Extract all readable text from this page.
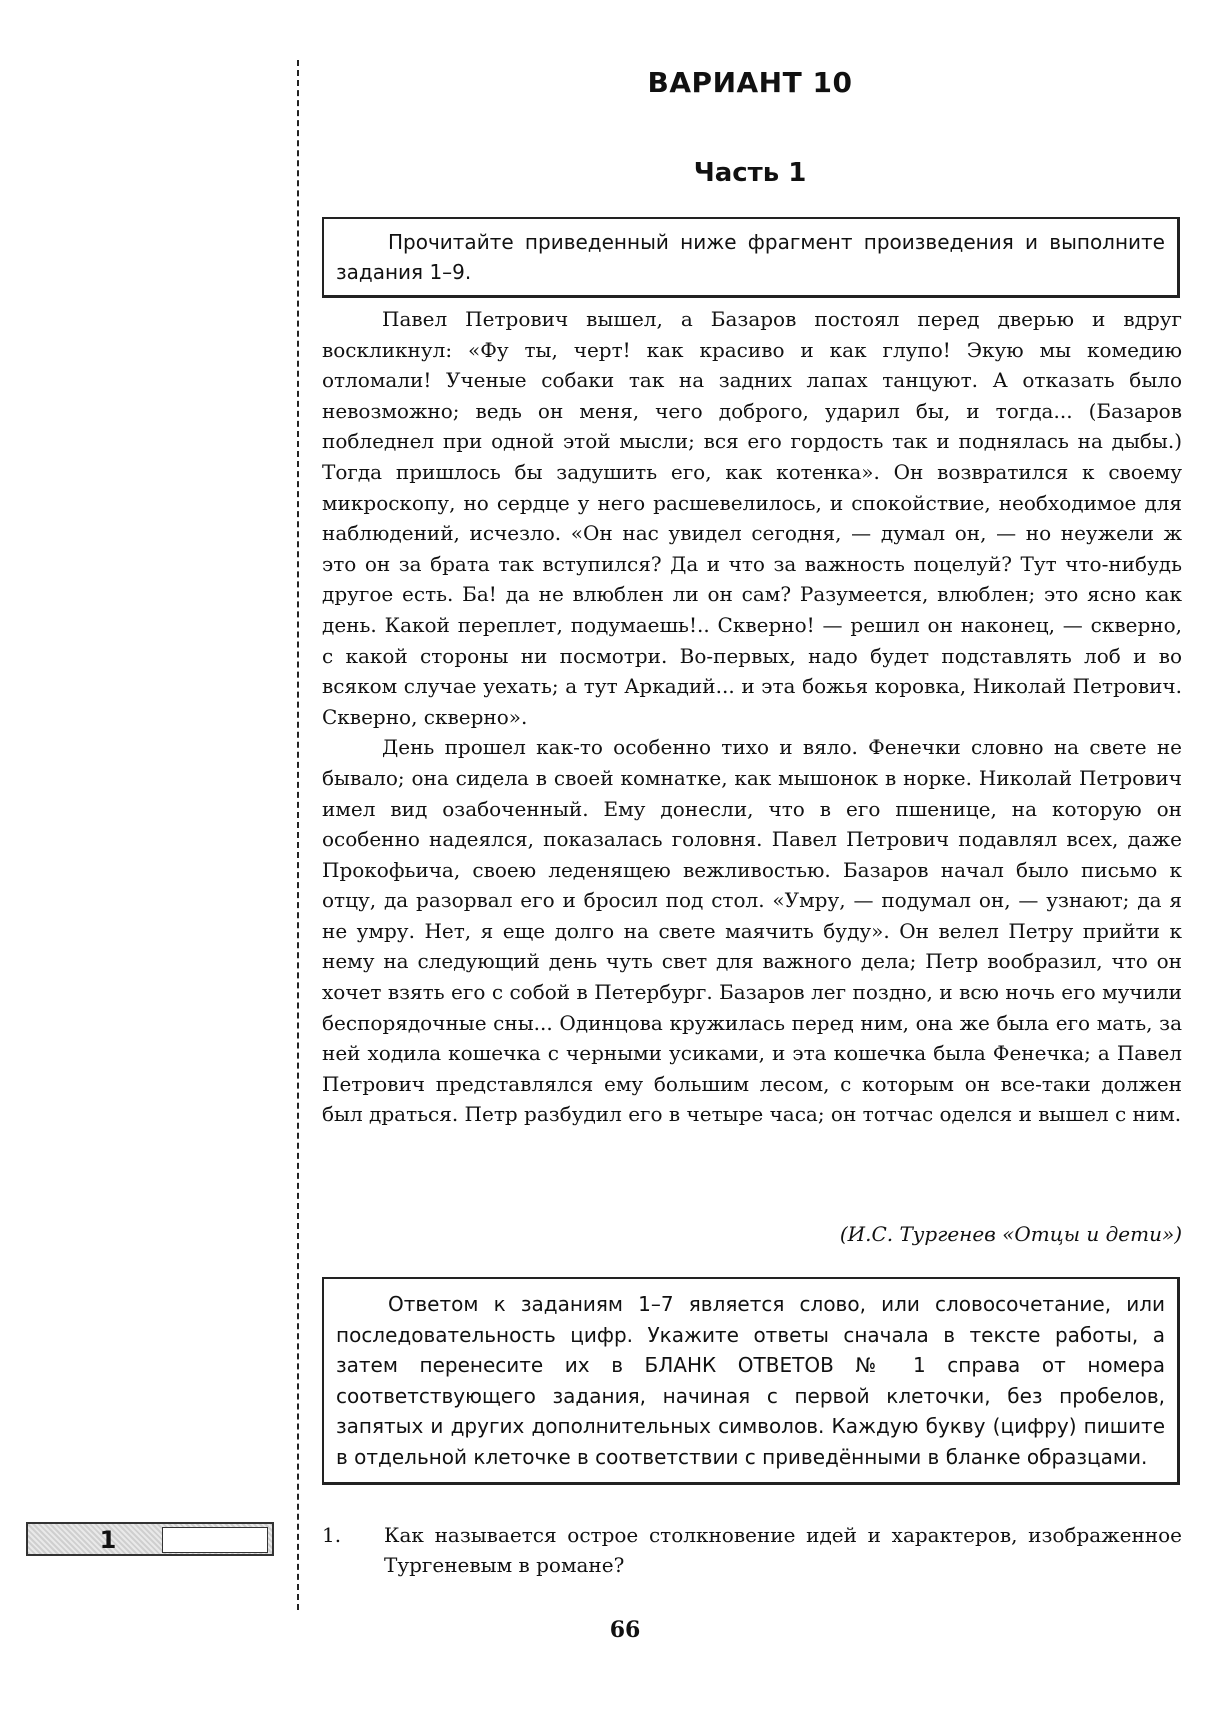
ВАРИАНТ 10
Часть 1

Прочитайте приведенный ниже фрагмент произведения и выполните задания 1–9.

Павел Петрович вышел, а Базаров постоял перед дверью и вдруг воскликнул: «Фу ты, черт! как красиво и как глупо! Экую мы комедию отломали! Ученые собаки так на задних лапах танцуют. А отказать было невозможно; ведь он меня, чего доброго, ударил бы, и тогда... (Базаров побледнел при одной этой мысли; вся его гордость так и поднялась на дыбы.) Тогда пришлось бы задушить его, как котенка». Он возвратился к своему микроскопу, но сердце у него расшевелилось, и спокойствие, необходимое для наблюдений, исчезло. «Он нас увидел сегодня, — думал он, — но неужели ж это он за брата так вступился? Да и что за важность поцелуй? Тут что-нибудь другое есть. Ба! да не влюблен ли он сам? Разумеется, влюблен; это ясно как день. Какой переплет, подумаешь!.. Скверно! — решил он наконец, — скверно, с какой стороны ни посмотри. Во-первых, надо будет подставлять лоб и во всяком случае уехать; а тут Аркадий... и эта божья коровка, Николай Петрович. Скверно, скверно».

День прошел как-то особенно тихо и вяло. Фенечки словно на свете не бывало; она сидела в своей комнатке, как мышонок в норке. Николай Петрович имел вид озабоченный. Ему донесли, что в его пшенице, на которую он особенно надеялся, показалась головня. Павел Петрович подавлял всех, даже Прокофьича, своею леденящею вежливостью. Базаров начал было письмо к отцу, да разорвал его и бросил под стол. «Умру, — подумал он, — узнают; да я не умру. Нет, я еще долго на свете маячить буду». Он велел Петру прийти к нему на следующий день чуть свет для важного дела; Петр вообразил, что он хочет взять его с собой в Петербург. Базаров лег поздно, и всю ночь его мучили беспорядочные сны... Одинцова кружилась перед ним, она же была его мать, за ней ходила кошечка с черными усиками, и эта кошечка была Фенечка; а Павел Петрович представлялся ему большим лесом, с которым он все-таки должен был драться. Петр разбудил его в четыре часа; он тотчас оделся и вышел с ним.

(И.С. Тургенев «Отцы и дети»)

Ответом к заданиям 1–7 является слово, или словосочетание, или последовательность цифр. Укажите ответы сначала в тексте работы, а затем перенесите их в БЛАНК ОТВЕТОВ № 1 справа от номера соответствующего задания, начиная с первой клеточки, без пробелов, запятых и других дополнительных символов. Каждую букву (цифру) пишите в отдельной клеточке в соответствии с приведёнными в бланке образцами.

1	1. Как называется острое столкновение идей и характеров, изображенное Тургеневым в романе?
66
